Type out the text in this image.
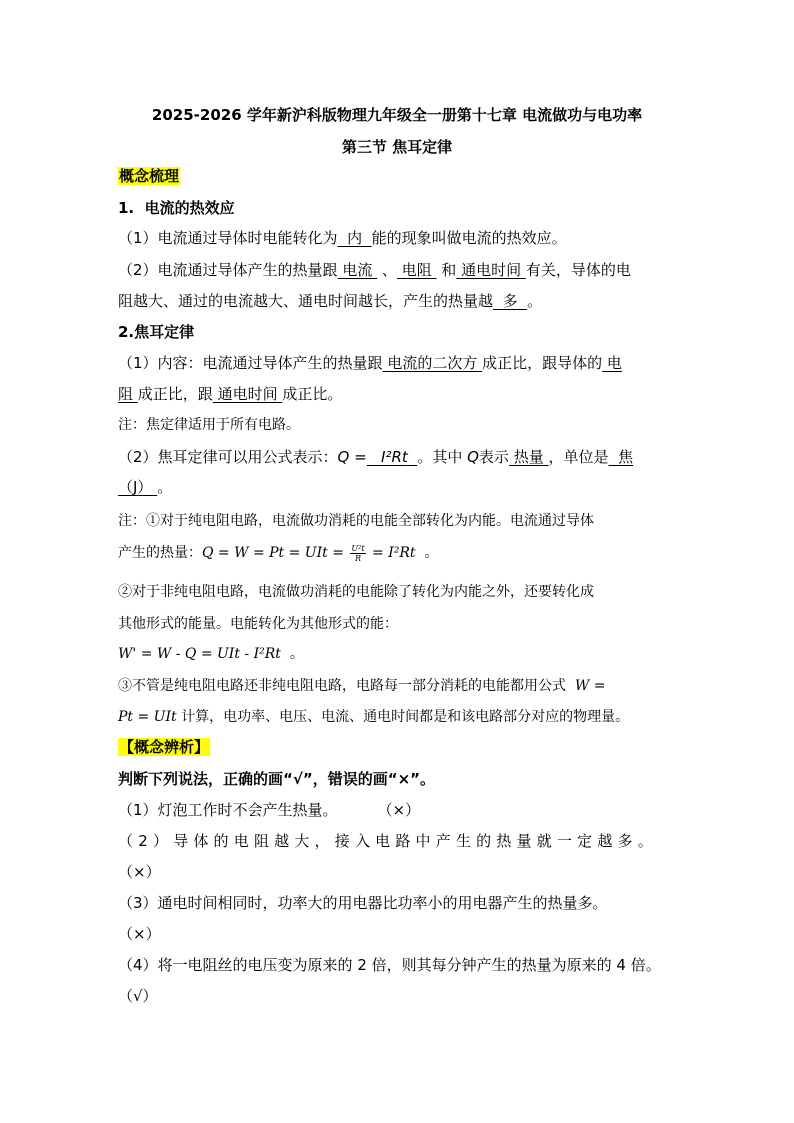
2025-2026 学年新沪科版物理九年级全一册第十七章 电流做功与电功率
第三节 焦耳定律
概念梳理
1. 电流的热效应
（1）电流通过导体时电能转化为 内 能的现象叫做电流的热效应。
（2）电流通过导体产生的热量跟 电流 、 电阻 和 通电时间 有关，导体的电
阻越大、通过的电流越大、通电时间越长，产生的热量越 多 。
2.焦耳定律
（1）内容：电流通过导体产生的热量跟 电流的二次方 成正比，跟导体的 电
阻 成正比，跟 通电时间 成正比。
注：焦定律适用于所有电路。
（2）焦耳定律可以用公式表示：Q = I²Rt 。其中 Q表示 热量 ，单位是 焦
（J） 。
注：①对于纯电阻电路，电流做功消耗的电能全部转化为内能。电流通过导体
产生的热量：Q = W = Pt = UIt = $\frac{\text{U²t}}{R} = I^2Rt$ 。
②对于非纯电阻电路，电流做功消耗的电能除了转化为内能之外，还要转化成
其他形式的能量。电能转化为其他形式的能：
W' = W - Q = UIt - I²Rt 。
③不管是纯电阻电路还非纯电阻电路，电路每一部分消耗的电能都用公式 W =
Pt = UIt 计算，电功率、电压、电流、通电时间都是和该电路部分对应的物理量。
【概念辨析】
判断下列说法，正确的画“√”，错误的画“×”。
（1）灯泡工作时不会产生热量。	（×）
（2）导体的电阻越大，接入电路中产生的热量就一定越多。
（×）
（3）通电时间相同时，功率大的用电器比功率小的用电器产生的热量多。
（×）
（4）将一电阻丝的电压变为原来的 2 倍，则其每分钟产生的热量为原来的 4 倍。
（√）
